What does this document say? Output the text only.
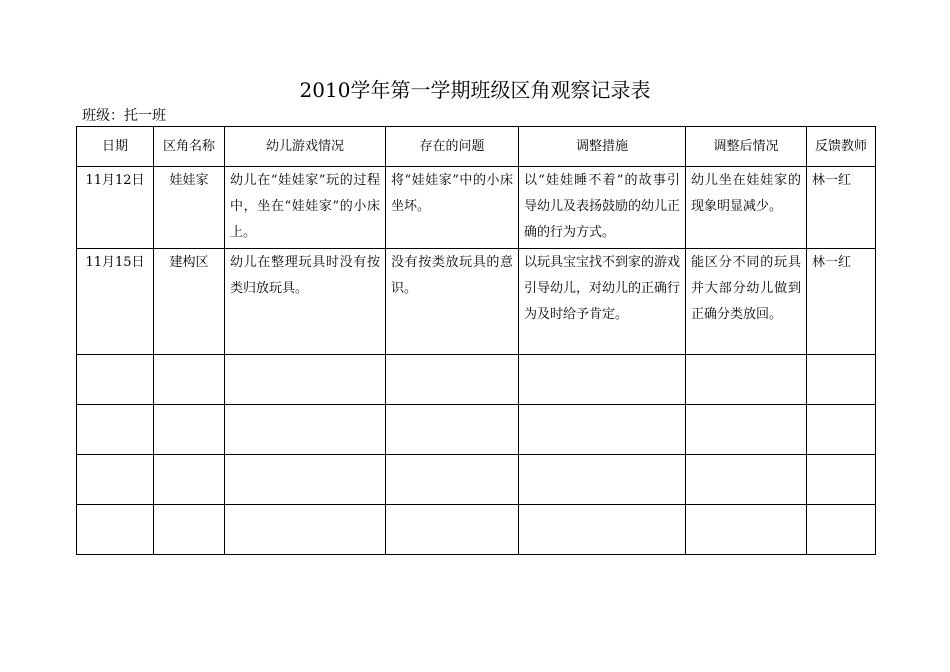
2010学年第一学期班级区角观察记录表
班级：托一班
日期	区角名称	幼儿游戏情况	存在的问题	调整措施	调整后情况	反馈教师
11月12日	娃娃家	幼儿在“娃娃家”玩的过程中，坐在“娃娃家”的小床上。	将“娃娃家”中的小床坐坏。	以“娃娃睡不着”的故事引导幼儿及表扬鼓励的幼儿正确的行为方式。	幼儿坐在娃娃家的现象明显减少。	林一红
11月15日	建构区	幼儿在整理玩具时没有按类归放玩具。	没有按类放玩具的意识。	以玩具宝宝找不到家的游戏引导幼儿，对幼儿的正确行为及时给予肯定。	能区分不同的玩具并大部分幼儿做到正确分类放回。	林一红
